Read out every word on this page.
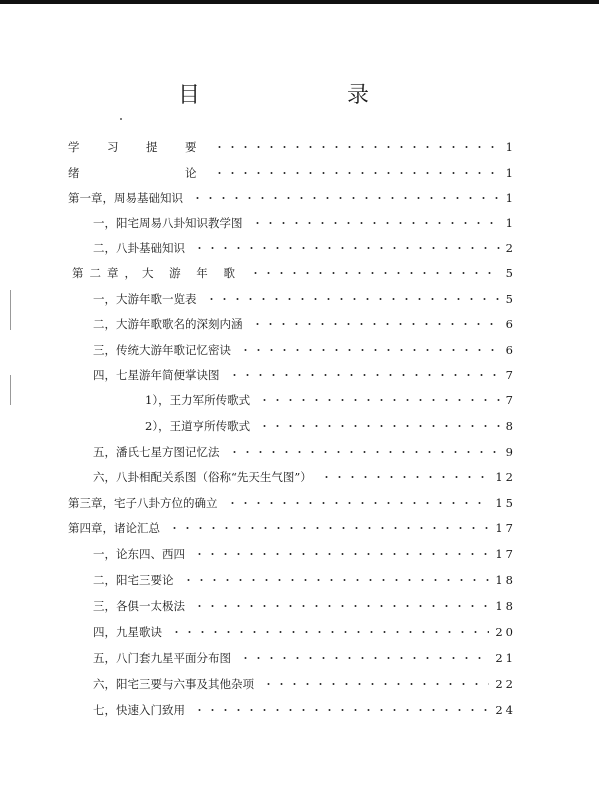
目	录
学　习　提　要	1
绪　　　　　论	1
第一章，周易基础知识	1
一，阳宅周易八卦知识教学图	1
二，八卦基础知识	2
第二章，大 游 年 歌	5
一，大游年歌一览表	5
二，大游年歌歌名的深刻内涵	6
三，传统大游年歌记忆密诀	6
四，七星游年简便掌诀图	7
1），王力军所传歌式	7
2），王道亨所传歌式	8
五，潘氏七星方图记忆法	9
六，八卦相配关系图（俗称“先天生气图”）	12
第三章，宅子八卦方位的确立	15
第四章，诸论汇总	17
一，论东四、西四	17
二，阳宅三要论	18
三，各俱一太极法	18
四，九星歌诀	20
五，八门套九星平面分布图	21
六，阳宅三要与六事及其他杂项	22
七，快速入门致用	24
